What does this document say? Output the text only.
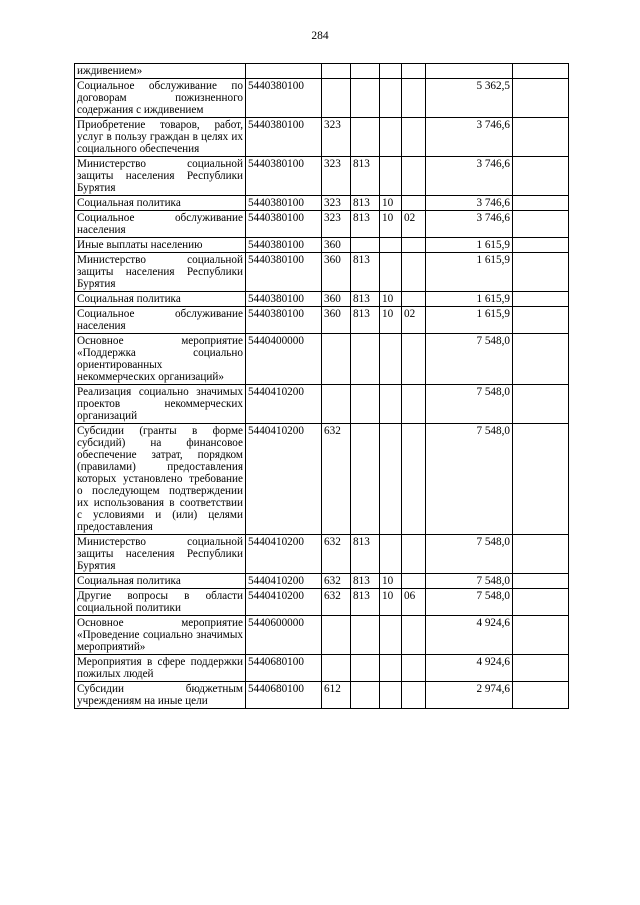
284
иждивением»							
Социальное обслуживание по договорам пожизненного содержания с иждивением	5440380100					5 362,5	
Приобретение товаров, работ, услуг в пользу граждан в целях их социального обеспечения	5440380100	323				3 746,6	
Министерство социальной защиты населения Республики Бурятия	5440380100	323	813			3 746,6	
Социальная политика	5440380100	323	813	10		3 746,6	
Социальное обслуживание населения	5440380100	323	813	10	02	3 746,6	
Иные выплаты населению	5440380100	360				1 615,9	
Министерство социальной защиты населения Республики Бурятия	5440380100	360	813			1 615,9	
Социальная политика	5440380100	360	813	10		1 615,9	
Социальное обслуживание населения	5440380100	360	813	10	02	1 615,9	
Основное мероприятие «Поддержка социально ориентированных некоммерческих организаций»	5440400000					7 548,0	
Реализация социально значимых проектов некоммерческих организаций	5440410200					7 548,0	
Субсидии (гранты в форме субсидий) на финансовое обеспечение затрат, порядком (правилами) предоставления которых установлено требование о последующем подтверждении их использования в соответствии с условиями и (или) целями предоставления	5440410200	632				7 548,0	
Министерство социальной защиты населения Республики Бурятия	5440410200	632	813			7 548,0	
Социальная политика	5440410200	632	813	10		7 548,0	
Другие вопросы в области социальной политики	5440410200	632	813	10	06	7 548,0	
Основное мероприятие «Проведение социально значимых мероприятий»	5440600000					4 924,6	
Мероприятия в сфере поддержки пожилых людей	5440680100					4 924,6	
Субсидии бюджетным учреждениям на иные цели	5440680100	612				2 974,6	
